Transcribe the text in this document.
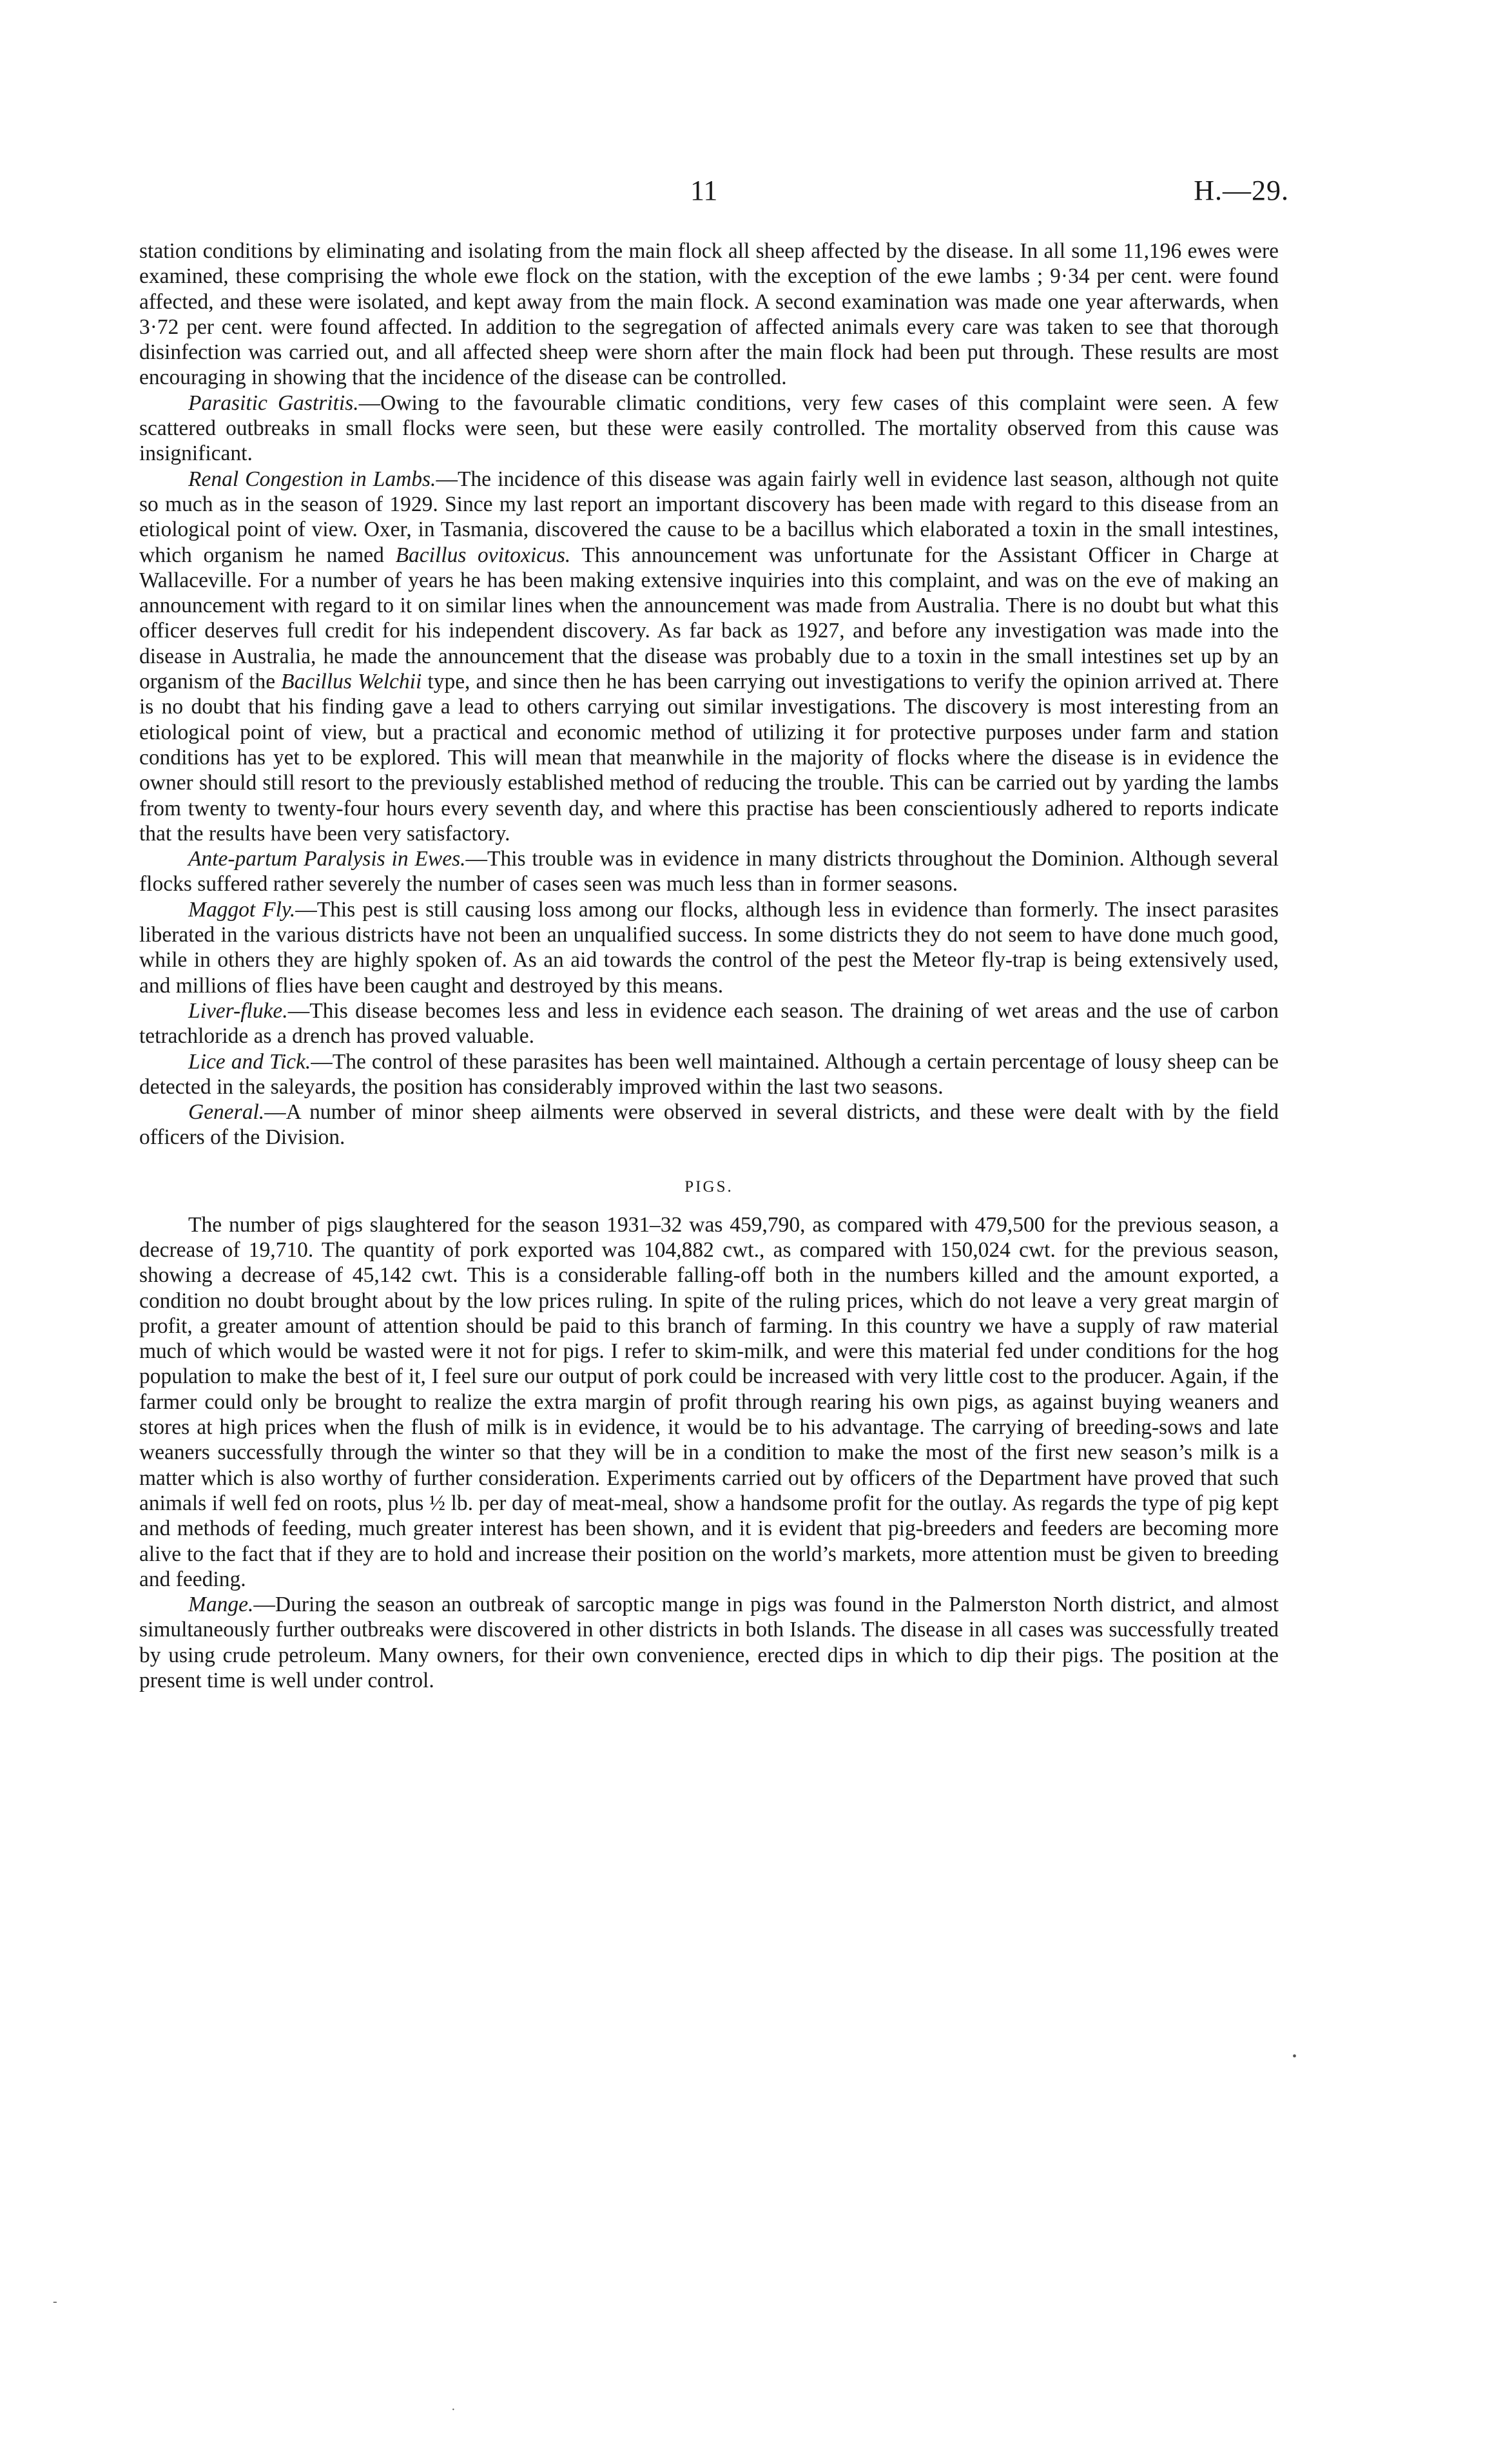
11	H.—29.

station conditions by eliminating and isolating from the main flock all sheep affected by the disease. In all some 11,196 ewes were examined, these comprising the whole ewe flock on the station, with the exception of the ewe lambs ; 9·34 per cent. were found affected, and these were isolated, and kept away from the main flock. A second examination was made one year afterwards, when 3·72 per cent. were found affected. In addition to the segregation of affected animals every care was taken to see that thorough disinfection was carried out, and all affected sheep were shorn after the main flock had been put through. These results are most encouraging in showing that the incidence of the disease can be controlled.

Parasitic Gastritis.—Owing to the favourable climatic conditions, very few cases of this complaint were seen. A few scattered outbreaks in small flocks were seen, but these were easily controlled. The mortality observed from this cause was insignificant.

Renal Congestion in Lambs.—The incidence of this disease was again fairly well in evidence last season, although not quite so much as in the season of 1929. Since my last report an important discovery has been made with regard to this disease from an etiological point of view. Oxer, in Tasmania, discovered the cause to be a bacillus which elaborated a toxin in the small intestines, which organism he named Bacillus ovitoxicus. This announcement was unfortunate for the Assistant Officer in Charge at Wallaceville. For a number of years he has been making extensive inquiries into this complaint, and was on the eve of making an announcement with regard to it on similar lines when the announcement was made from Australia. There is no doubt but what this officer deserves full credit for his independent discovery. As far back as 1927, and before any investigation was made into the disease in Australia, he made the announcement that the disease was probably due to a toxin in the small intestines set up by an organism of the Bacillus Welchii type, and since then he has been carrying out investigations to verify the opinion arrived at. There is no doubt that his finding gave a lead to others carrying out similar investigations. The discovery is most interesting from an etiological point of view, but a practical and economic method of utilizing it for protective purposes under farm and station conditions has yet to be explored. This will mean that meanwhile in the majority of flocks where the disease is in evidence the owner should still resort to the previously established method of reducing the trouble. This can be carried out by yarding the lambs from twenty to twenty-four hours every seventh day, and where this practise has been conscientiously adhered to reports indicate that the results have been very satisfactory.

Ante-partum Paralysis in Ewes.—This trouble was in evidence in many districts throughout the Dominion. Although several flocks suffered rather severely the number of cases seen was much less than in former seasons.

Maggot Fly.—This pest is still causing loss among our flocks, although less in evidence than formerly. The insect parasites liberated in the various districts have not been an unqualified success. In some districts they do not seem to have done much good, while in others they are highly spoken of. As an aid towards the control of the pest the Meteor fly-trap is being extensively used, and millions of flies have been caught and destroyed by this means.

Liver-fluke.—This disease becomes less and less in evidence each season. The draining of wet areas and the use of carbon tetrachloride as a drench has proved valuable.

Lice and Tick.—The control of these parasites has been well maintained. Although a certain percentage of lousy sheep can be detected in the saleyards, the position has considerably improved within the last two seasons.

General.—A number of minor sheep ailments were observed in several districts, and these were dealt with by the field officers of the Division.

PIGS.

The number of pigs slaughtered for the season 1931–32 was 459,790, as compared with 479,500 for the previous season, a decrease of 19,710. The quantity of pork exported was 104,882 cwt., as compared with 150,024 cwt. for the previous season, showing a decrease of 45,142 cwt. This is a considerable falling-off both in the numbers killed and the amount exported, a condition no doubt brought about by the low prices ruling. In spite of the ruling prices, which do not leave a very great margin of profit, a greater amount of attention should be paid to this branch of farming. In this country we have a supply of raw material much of which would be wasted were it not for pigs. I refer to skim-milk, and were this material fed under conditions for the hog population to make the best of it, I feel sure our output of pork could be increased with very little cost to the producer. Again, if the farmer could only be brought to realize the extra margin of profit through rearing his own pigs, as against buying weaners and stores at high prices when the flush of milk is in evidence, it would be to his advantage. The carrying of breeding-sows and late weaners successfully through the winter so that they will be in a condition to make the most of the first new season’s milk is a matter which is also worthy of further consideration. Experiments carried out by officers of the Department have proved that such animals if well fed on roots, plus ½ lb. per day of meat-meal, show a handsome profit for the outlay. As regards the type of pig kept and methods of feeding, much greater interest has been shown, and it is evident that pig-breeders and feeders are becoming more alive to the fact that if they are to hold and increase their position on the world’s markets, more attention must be given to breeding and feeding.

Mange.—During the season an outbreak of sarcoptic mange in pigs was found in the Palmerston North district, and almost simultaneously further outbreaks were discovered in other districts in both Islands. The disease in all cases was successfully treated by using crude petroleum. Many owners, for their own convenience, erected dips in which to dip their pigs. The position at the present time is well under control.

•
-
·
